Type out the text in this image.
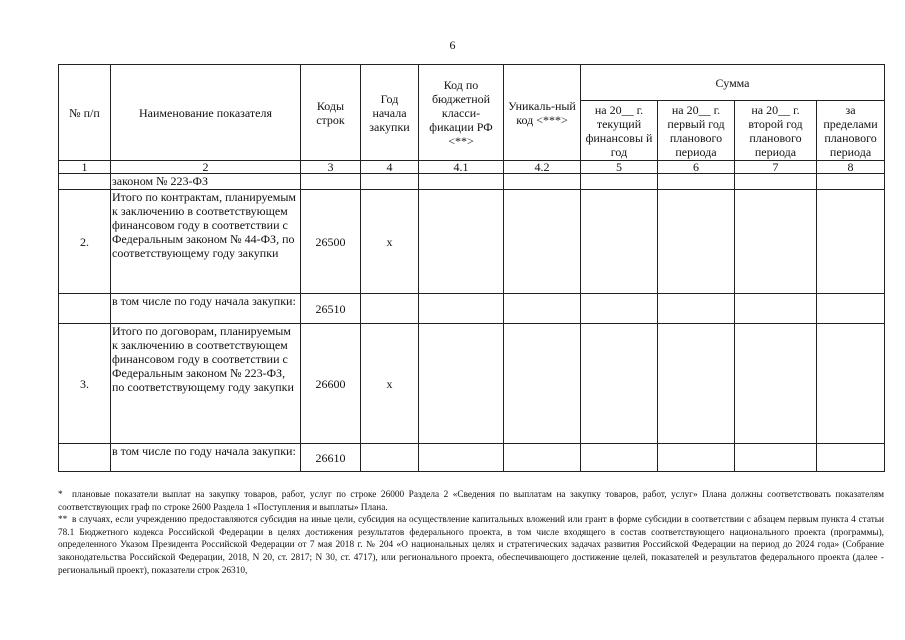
6
№ п/п	Наименование показателя	Коды строк	Год начала закупки	Код по бюджетной класси-фикации РФ <**>	Уникаль-ный код <***>	Сумма			
						на 20__ г. текущий финансовы й год	на 20__ г. первый год планового периода	на 20__ г. второй год планового периода	за пределами планового периода
1	2	3	4	4.1	4.2	5	6	7	8
	законом № 223-ФЗ								
2.	Итого по контрактам, планируемым к заключению в соответствующем финансовом году в соответствии с Федеральным законом № 44-ФЗ, по соответствующему году закупки	26500	x						
	в том числе по году начала закупки:	26510							
3.	Итого по договорам, планируемым к заключению в соответствующем финансовом году в соответствии с Федеральным законом № 223-ФЗ, по соответствующему году закупки	26600	x						
	в том числе по году начала закупки:	26610							

* плановые показатели выплат на закупку товаров, работ, услуг по строке 26000 Раздела 2 «Сведения по выплатам на закупку товаров, работ, услуг» Плана должны соответствовать показателям соответствующих граф по строке 2600 Раздела 1 «Поступления и выплаты» Плана.

** в случаях, если учреждению предоставляются субсидия на иные цели, субсидия на осуществление капитальных вложений или грант в форме субсидии в соответствии с абзацем первым пункта 4 статьи 78.1 Бюджетного кодекса Российской Федерации в целях достижения результатов федерального проекта, в том числе входящего в состав соответствующего национального проекта (программы), определенного Указом Президента Российской Федерации от 7 мая 2018 г. № 204 «О национальных целях и стратегических задачах развития Российской Федерации на период до 2024 года» (Собрание законодательства Российской Федерации, 2018, N 20, ст. 2817; N 30, ст. 4717), или регионального проекта, обеспечивающего достижение целей, показателей и результатов федерального проекта (далее - региональный проект), показатели строк 26310,
